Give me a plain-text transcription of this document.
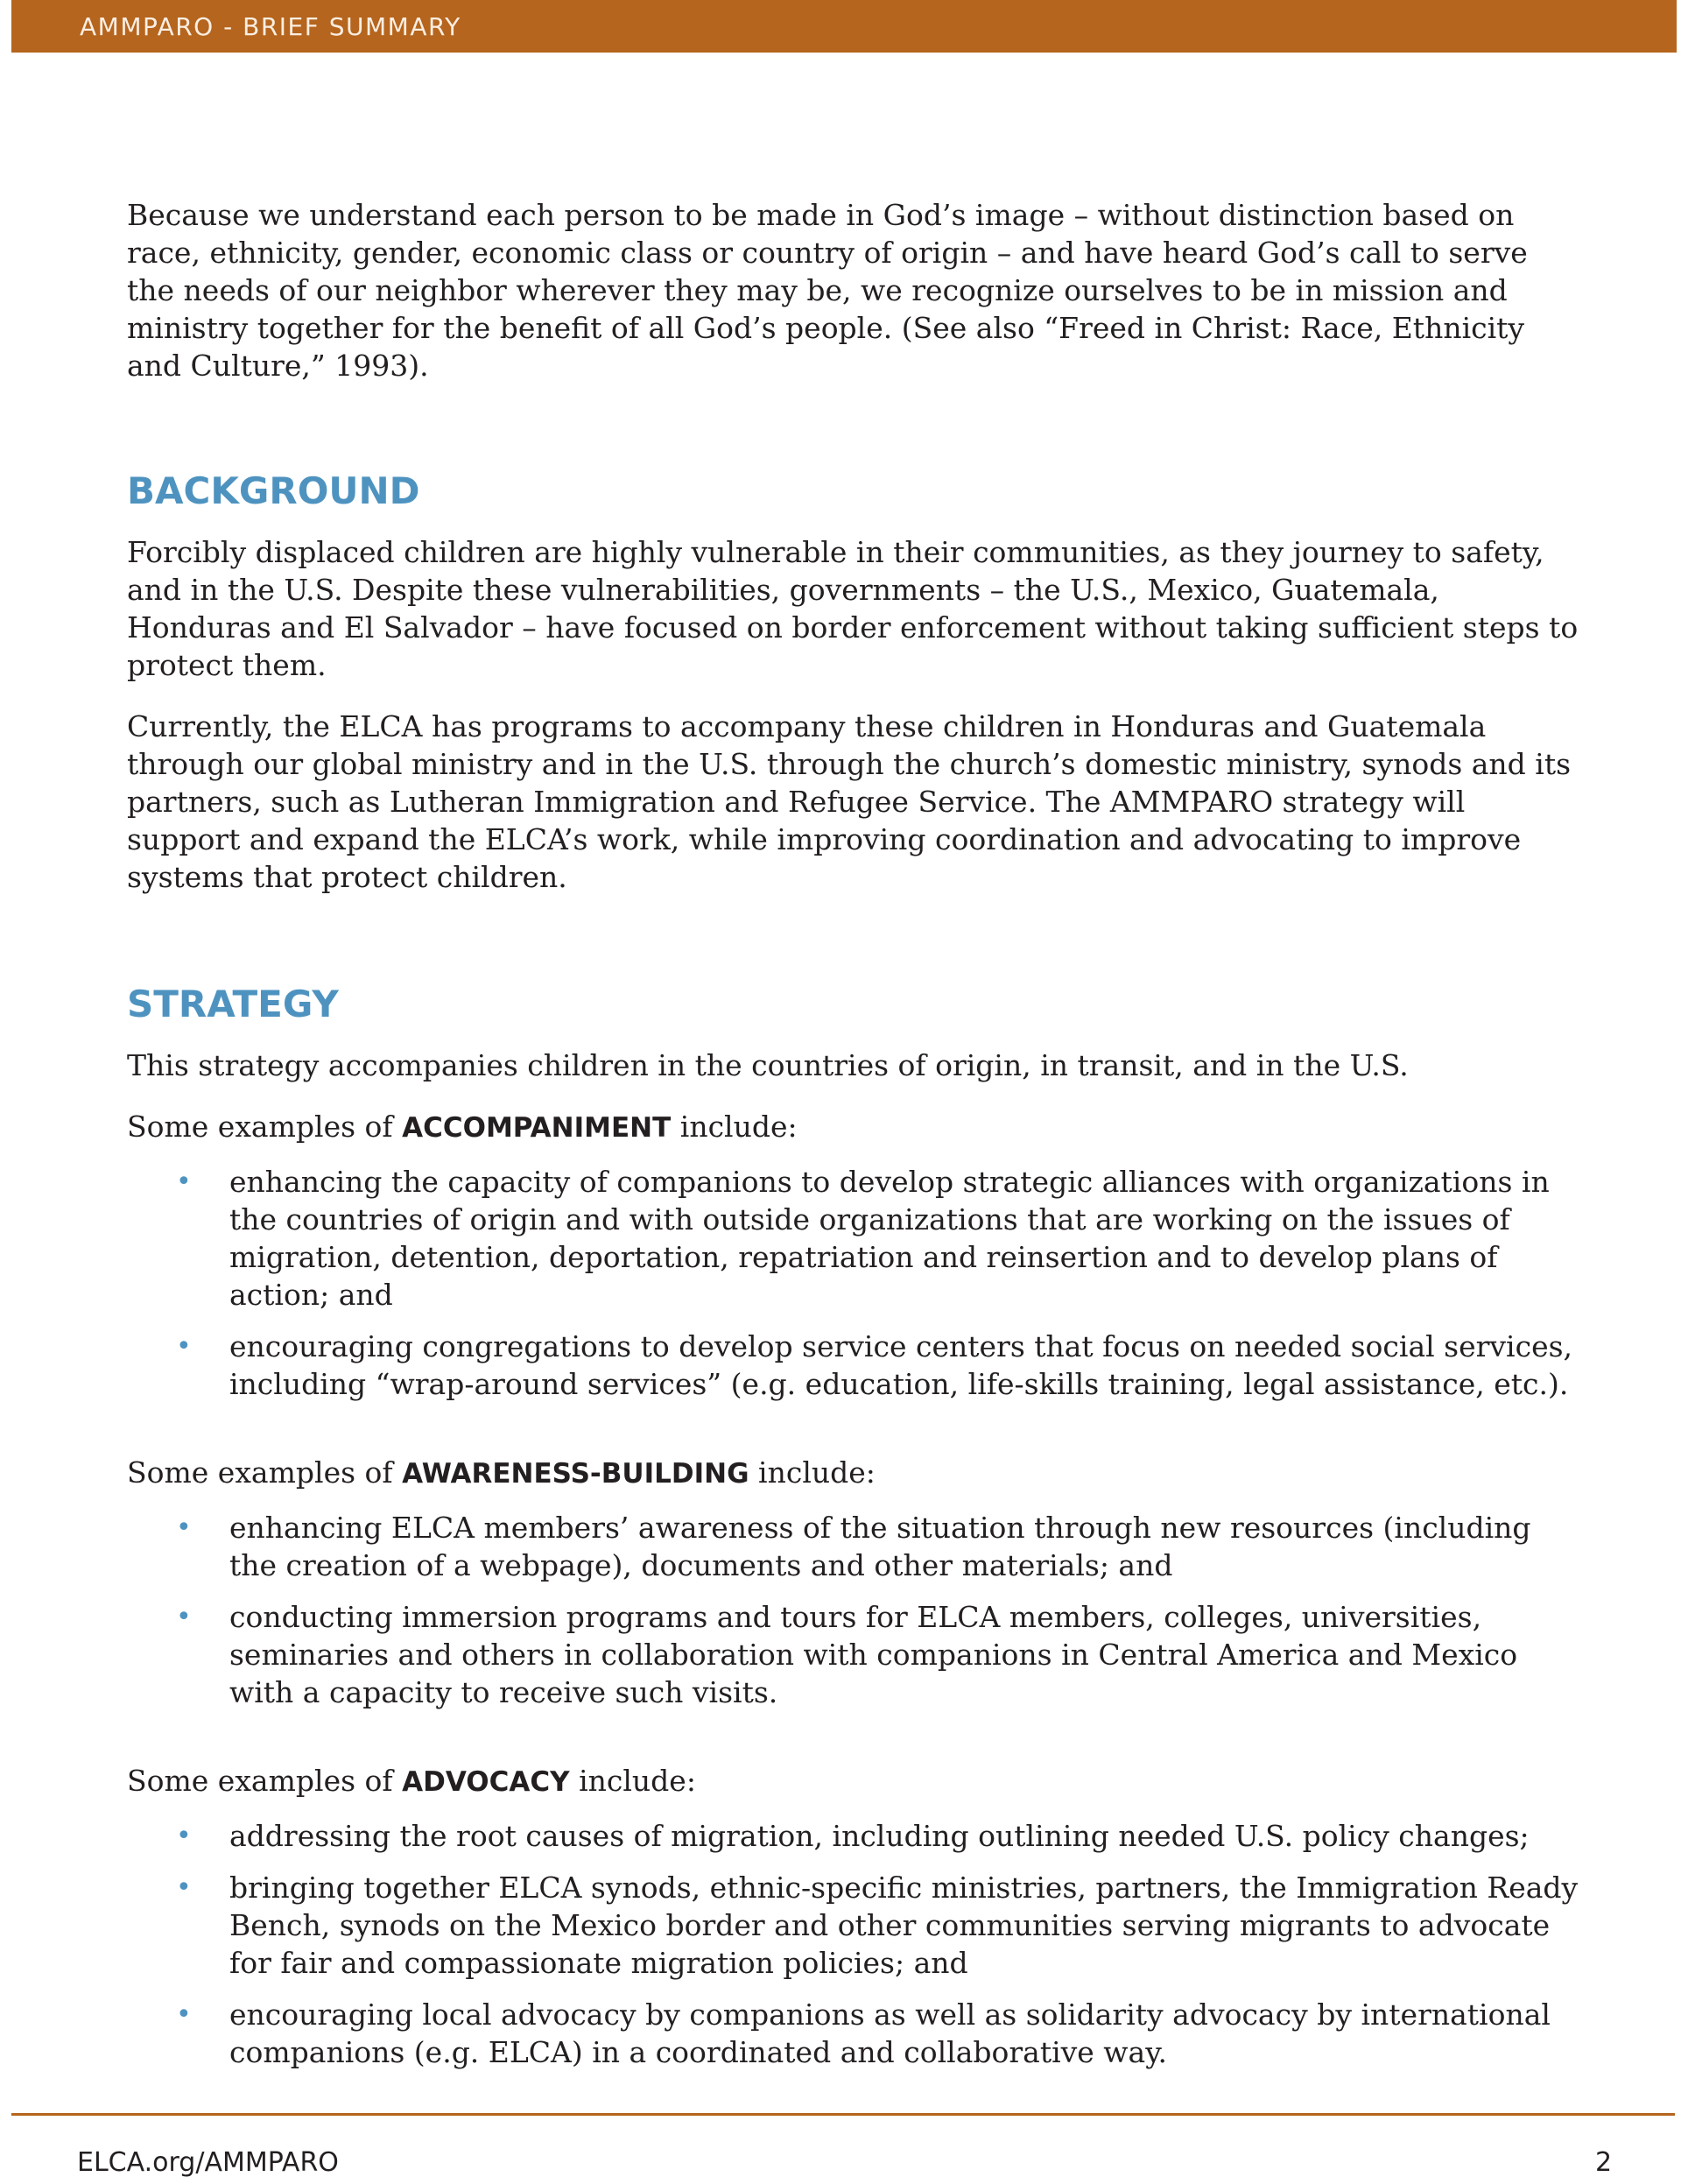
AMMPARO - BRIEF SUMMARY

Because we understand each person to be made in God’s image – without distinction based on race, ethnicity, gender, economic class or country of origin – and have heard God’s call to serve the needs of our neighbor wherever they may be, we recognize ourselves to be in mission and ministry together for the benefit of all God’s people. (See also “Freed in Christ: Race, Ethnicity and Culture,” 1993).

BACKGROUND

Forcibly displaced children are highly vulnerable in their communities, as they journey to safety, and in the U.S. Despite these vulnerabilities, governments – the U.S., Mexico, Guatemala, Honduras and El Salvador – have focused on border enforcement without taking sufficient steps to protect them.

Currently, the ELCA has programs to accompany these children in Honduras and Guatemala through our global ministry and in the U.S. through the church’s domestic ministry, synods and its partners, such as Lutheran Immigration and Refugee Service. The AMMPARO strategy will support and expand the ELCA’s work, while improving coordination and advocating to improve systems that protect children.

STRATEGY

This strategy accompanies children in the countries of origin, in transit, and in the U.S.

Some examples of ACCOMPANIMENT include:

• enhancing the capacity of companions to develop strategic alliances with organizations in the countries of origin and with outside organizations that are working on the issues of migration, detention, deportation, repatriation and reinsertion and to develop plans of action; and
• encouraging congregations to develop service centers that focus on needed social services, including “wrap-around services” (e.g. education, life-skills training, legal assistance, etc.).

Some examples of AWARENESS-BUILDING include:

• enhancing ELCA members’ awareness of the situation through new resources (including the creation of a webpage), documents and other materials; and
• conducting immersion programs and tours for ELCA members, colleges, universities, seminaries and others in collaboration with companions in Central America and Mexico with a capacity to receive such visits.

Some examples of ADVOCACY include:

• addressing the root causes of migration, including outlining needed U.S. policy changes;
• bringing together ELCA synods, ethnic-specific ministries, partners, the Immigration Ready Bench, synods on the Mexico border and other communities serving migrants to advocate for fair and compassionate migration policies; and
• encouraging local advocacy by companions as well as solidarity advocacy by international companions (e.g. ELCA) in a coordinated and collaborative way.
ELCA.org/AMMPARO	2
